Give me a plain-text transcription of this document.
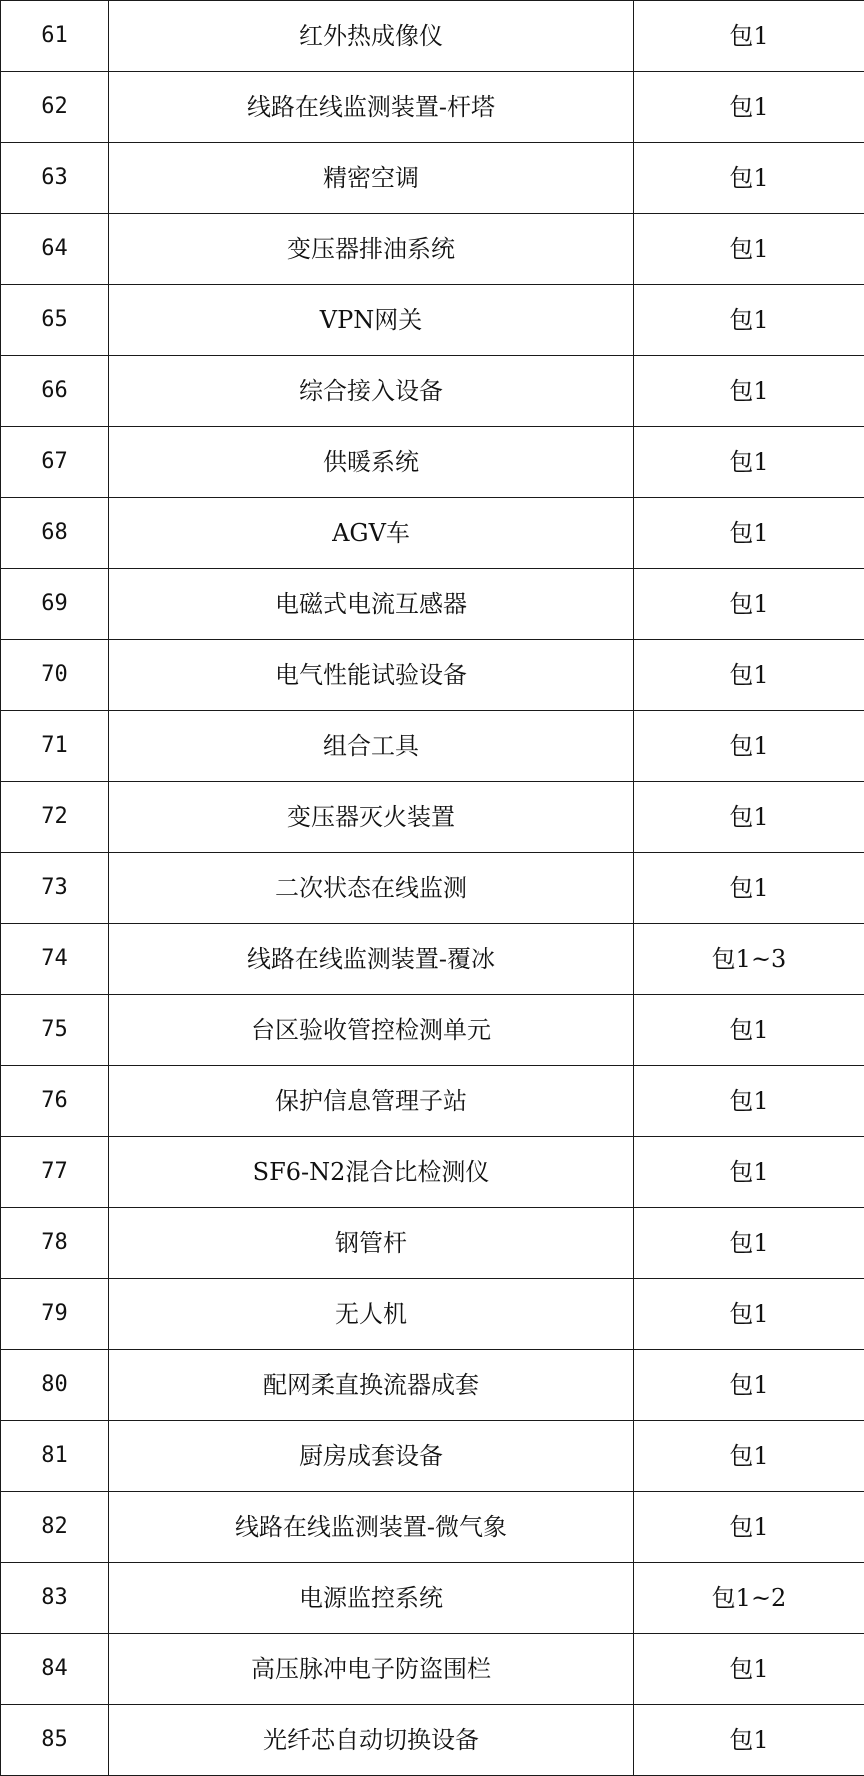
61	红外热成像仪	包1
62	线路在线监测装置-杆塔	包1
63	精密空调	包1
64	变压器排油系统	包1
65	VPN网关	包1
66	综合接入设备	包1
67	供暖系统	包1
68	AGV车	包1
69	电磁式电流互感器	包1
70	电气性能试验设备	包1
71	组合工具	包1
72	变压器灭火装置	包1
73	二次状态在线监测	包1
74	线路在线监测装置-覆冰	包1~3
75	台区验收管控检测单元	包1
76	保护信息管理子站	包1
77	SF6-N2混合比检测仪	包1
78	钢管杆	包1
79	无人机	包1
80	配网柔直换流器成套	包1
81	厨房成套设备	包1
82	线路在线监测装置-微气象	包1
83	电源监控系统	包1~2
84	高压脉冲电子防盗围栏	包1
85	光纤芯自动切换设备	包1
